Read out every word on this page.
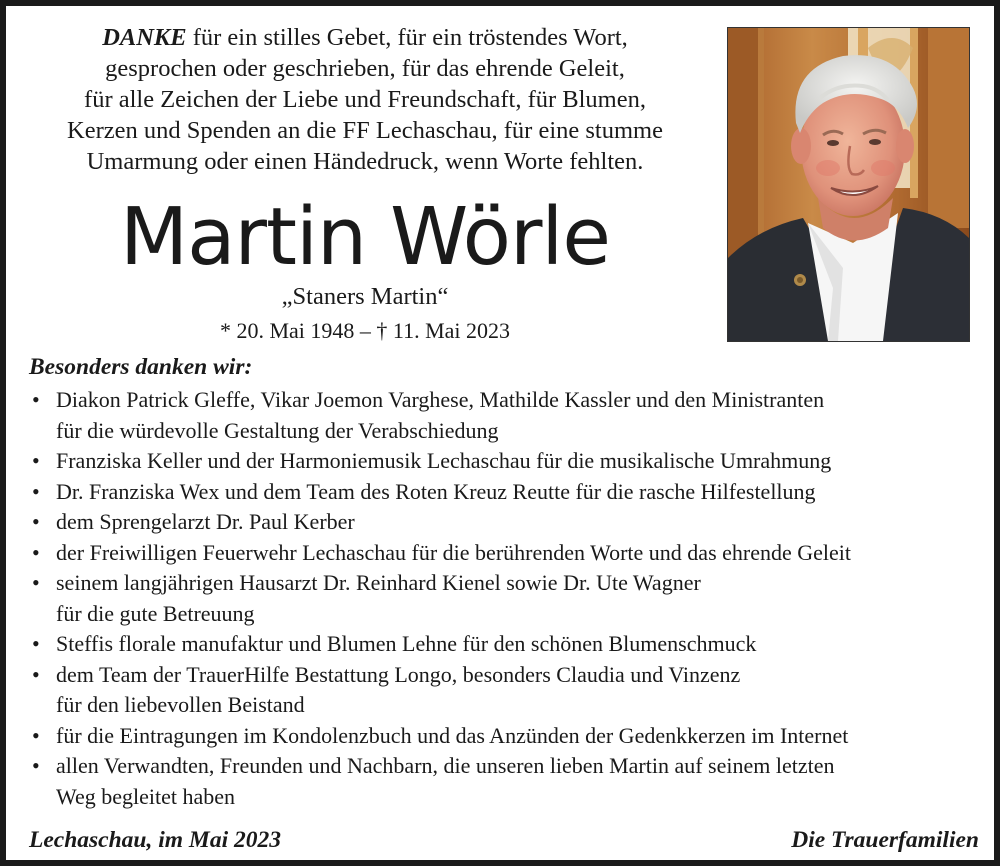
DANKE für ein stilles Gebet, für ein tröstendes Wort,
gesprochen oder geschrieben, für das ehrende Geleit,
für alle Zeichen der Liebe und Freundschaft, für Blumen,
Kerzen und Spenden an die FF Lechaschau, für eine stumme
Umarmung oder einen Händedruck, wenn Worte fehlten.
Martin Wörle
„Staners Martin“
* 20. Mai 1948 – † 11. Mai 2023
Besonders danken wir:
• Diakon Patrick Gleffe, Vikar Joemon Varghese, Mathilde Kassler und den Ministranten
für die würdevolle Gestaltung der Verabschiedung
• Franziska Keller und der Harmoniemusik Lechaschau für die musikalische Umrahmung
• Dr. Franziska Wex und dem Team des Roten Kreuz Reutte für die rasche Hilfestellung
• dem Sprengelarzt Dr. Paul Kerber
• der Freiwilligen Feuerwehr Lechaschau für die berührenden Worte und das ehrende Geleit
• seinem langjährigen Hausarzt Dr. Reinhard Kienel sowie Dr. Ute Wagner
für die gute Betreuung
• Steffis florale manufaktur und Blumen Lehne für den schönen Blumenschmuck
• dem Team der TrauerHilfe Bestattung Longo, besonders Claudia und Vinzenz
für den liebevollen Beistand
• für die Eintragungen im Kondolenzbuch und das Anzünden der Gedenkkerzen im Internet
• allen Verwandten, Freunden und Nachbarn, die unseren lieben Martin auf seinem letzten
Weg begleitet haben
Lechaschau, im Mai 2023	Die Trauerfamilien
